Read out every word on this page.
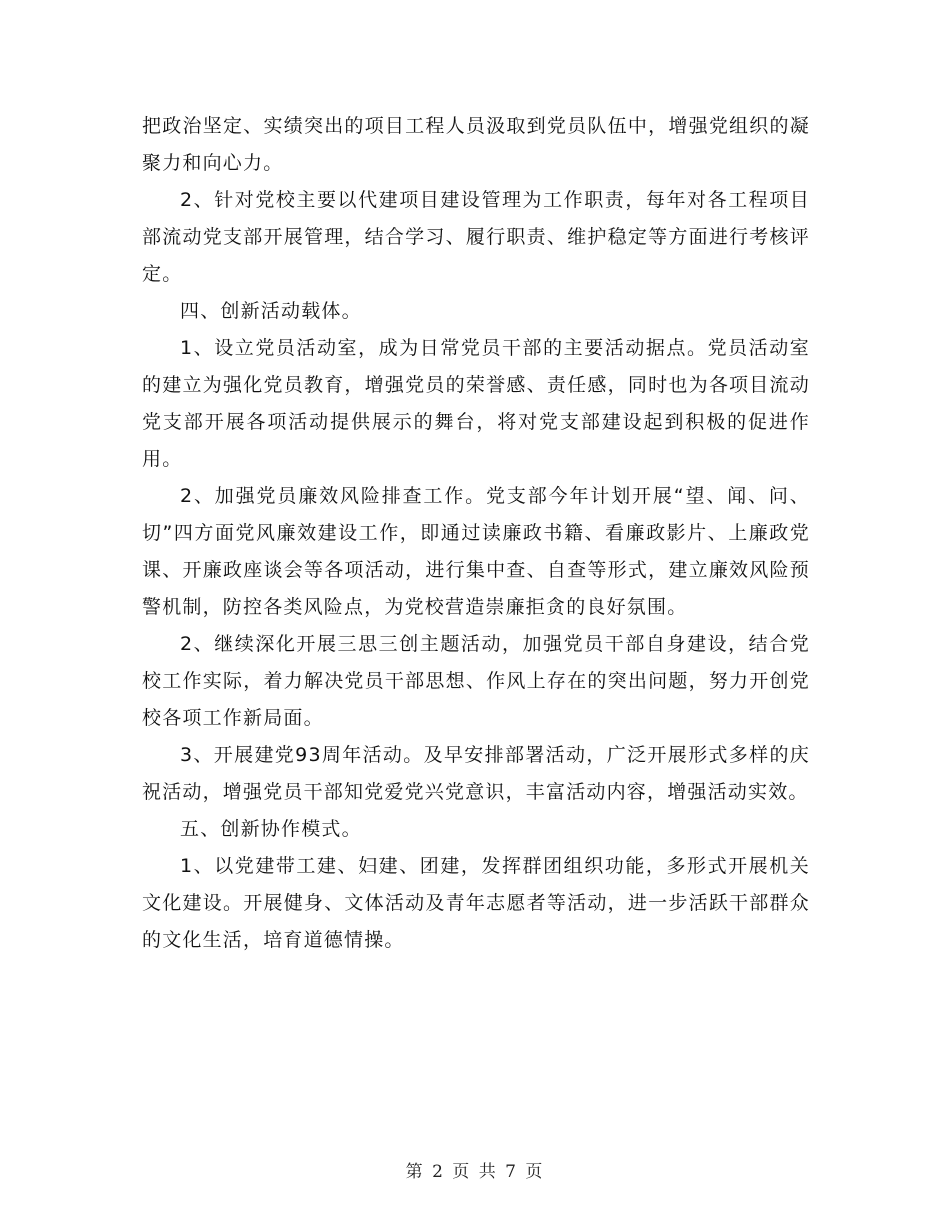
把政治坚定、实绩突出的项目工程人员汲取到党员队伍中，增强党组织的凝聚力和向心力。

2、针对党校主要以代建项目建设管理为工作职责，每年对各工程项目部流动党支部开展管理，结合学习、履行职责、维护稳定等方面进行考核评定。

四、创新活动载体。

1、设立党员活动室，成为日常党员干部的主要活动据点。党员活动室的建立为强化党员教育，增强党员的荣誉感、责任感，同时也为各项目流动党支部开展各项活动提供展示的舞台，将对党支部建设起到积极的促进作用。

2、加强党员廉效风险排查工作。党支部今年计划开展“望、闻、问、切”四方面党风廉效建设工作，即通过读廉政书籍、看廉政影片、上廉政党课、开廉政座谈会等各项活动，进行集中查、自查等形式，建立廉效风险预警机制，防控各类风险点，为党校营造崇廉拒贪的良好氛围。

2、继续深化开展三思三创主题活动，加强党员干部自身建设，结合党校工作实际，着力解决党员干部思想、作风上存在的突出问题，努力开创党校各项工作新局面。

3、开展建党93周年活动。及早安排部署活动，广泛开展形式多样的庆祝活动，增强党员干部知党爱党兴党意识，丰富活动内容，增强活动实效。

五、创新协作模式。

1、以党建带工建、妇建、团建，发挥群团组织功能，多形式开展机关文化建设。开展健身、文体活动及青年志愿者等活动，进一步活跃干部群众的文化生活，培育道德情操。

第 2 页 共 7 页
